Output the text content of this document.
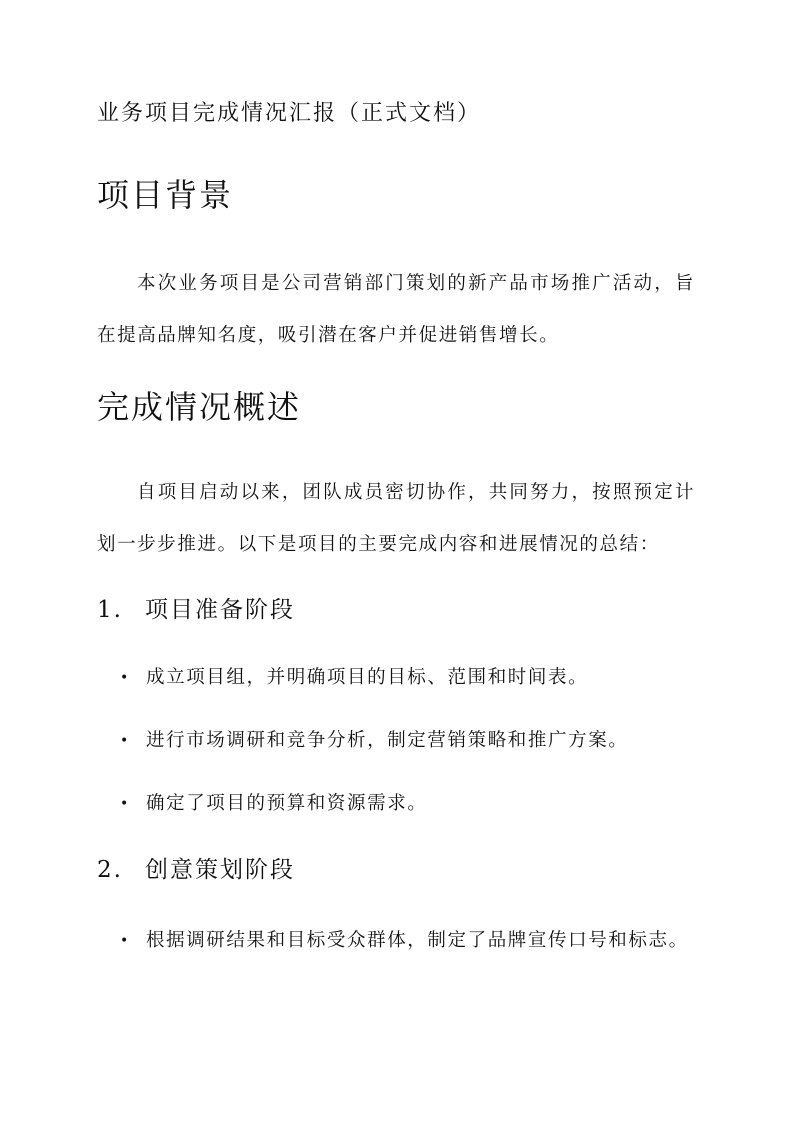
业务项目完成情况汇报（正式文档）
项目背景
本次业务项目是公司营销部门策划的新产品市场推广活动，旨在提高品牌知名度，吸引潜在客户并促进销售增长。
完成情况概述
自项目启动以来，团队成员密切协作，共同努力，按照预定计划一步步推进。以下是项目的主要完成内容和进展情况的总结：
1. 项目准备阶段
• 成立项目组，并明确项目的目标、范围和时间表。
• 进行市场调研和竞争分析，制定营销策略和推广方案。
• 确定了项目的预算和资源需求。
2. 创意策划阶段
• 根据调研结果和目标受众群体，制定了品牌宣传口号和标志。
